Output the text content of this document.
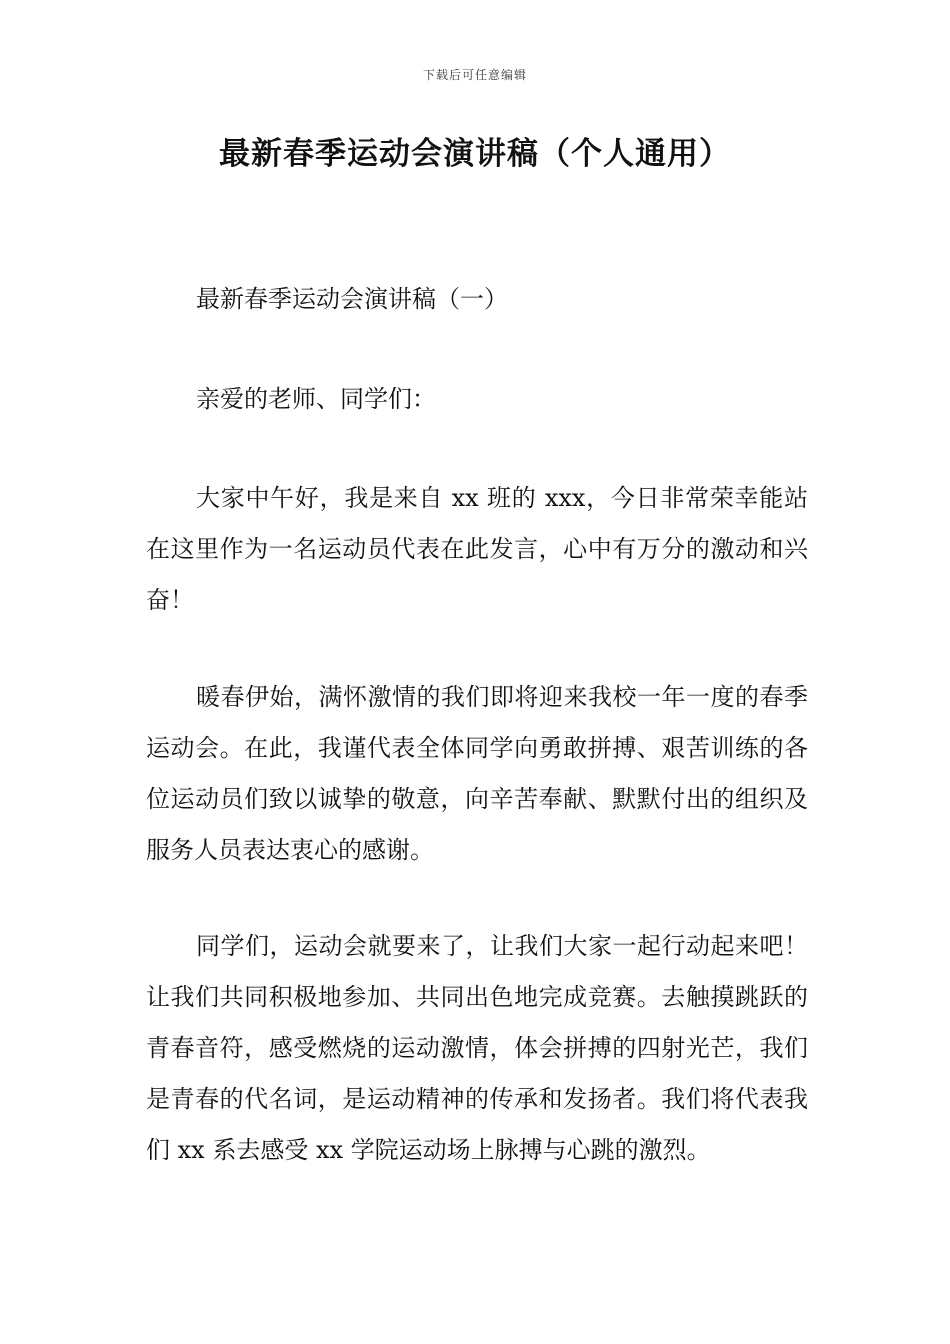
下载后可任意编辑
最新春季运动会演讲稿（个人通用）

最新春季运动会演讲稿（一）

亲爱的老师、同学们：

大家中午好，我是来自 xx 班的 xxx，今日非常荣幸能站在这里作为一名运动员代表在此发言，心中有万分的激动和兴奋！

暖春伊始，满怀激情的我们即将迎来我校一年一度的春季运动会。在此，我谨代表全体同学向勇敢拼搏、艰苦训练的各位运动员们致以诚挚的敬意，向辛苦奉献、默默付出的组织及服务人员表达衷心的感谢。

同学们，运动会就要来了，让我们大家一起行动起来吧！让我们共同积极地参加、共同出色地完成竞赛。去触摸跳跃的青春音符，感受燃烧的运动激情，体会拼搏的四射光芒，我们是青春的代名词，是运动精神的传承和发扬者。我们将代表我们 xx 系去感受 xx 学院运动场上脉搏与心跳的激烈。
